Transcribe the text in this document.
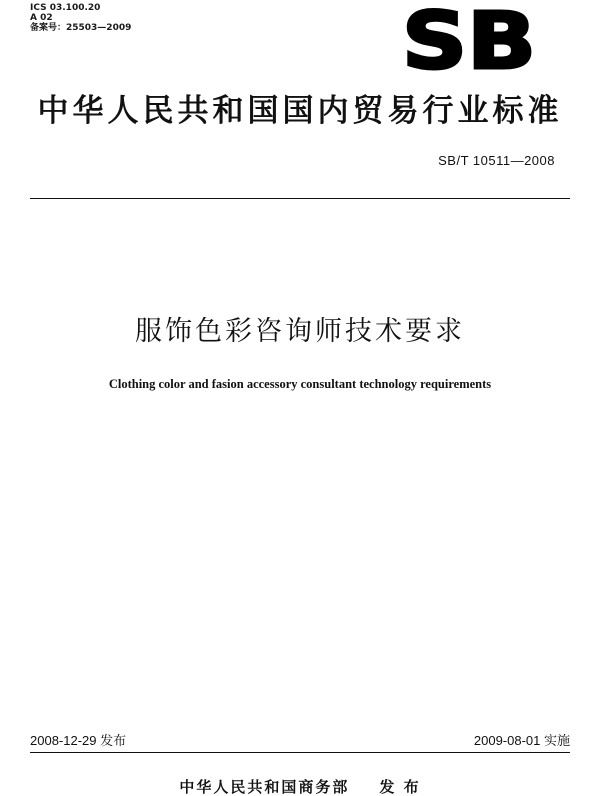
ICS 03.100.20
A 02
备案号：25503—2009	SB
中华人民共和国国内贸易行业标准
SB/T 10511—2008
服饰色彩咨询师技术要求
Clothing color and fasion accessory consultant technology requirements
2008-12-29 发布	2009-08-01 实施
中华人民共和国商务部 发 布
